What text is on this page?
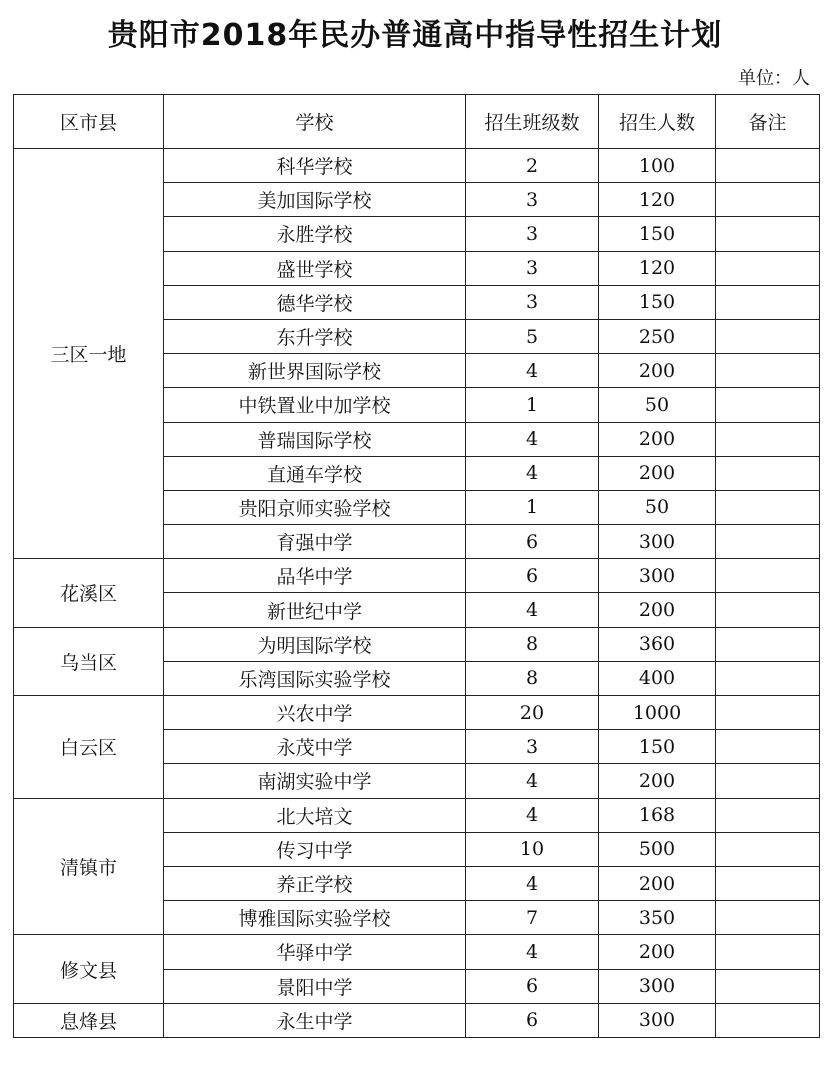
贵阳市2018年民办普通高中指导性招生计划
单位：人
区市县	学校	招生班级数	招生人数	备注
三区一地	科华学校	2	100	
	美加国际学校	3	120	
	永胜学校	3	150	
	盛世学校	3	120	
	德华学校	3	150	
	东升学校	5	250	
	新世界国际学校	4	200	
	中铁置业中加学校	1	50	
	普瑞国际学校	4	200	
	直通车学校	4	200	
	贵阳京师实验学校	1	50	
	育强中学	6	300	
花溪区	品华中学	6	300	
	新世纪中学	4	200	
乌当区	为明国际学校	8	360	
	乐湾国际实验学校	8	400	
白云区	兴农中学	20	1000	
	永茂中学	3	150	
	南湖实验中学	4	200	
清镇市	北大培文	4	168	
	传习中学	10	500	
	养正学校	4	200	
	博雅国际实验学校	7	350	
修文县	华驿中学	4	200	
	景阳中学	6	300	
息烽县	永生中学	6	300	
